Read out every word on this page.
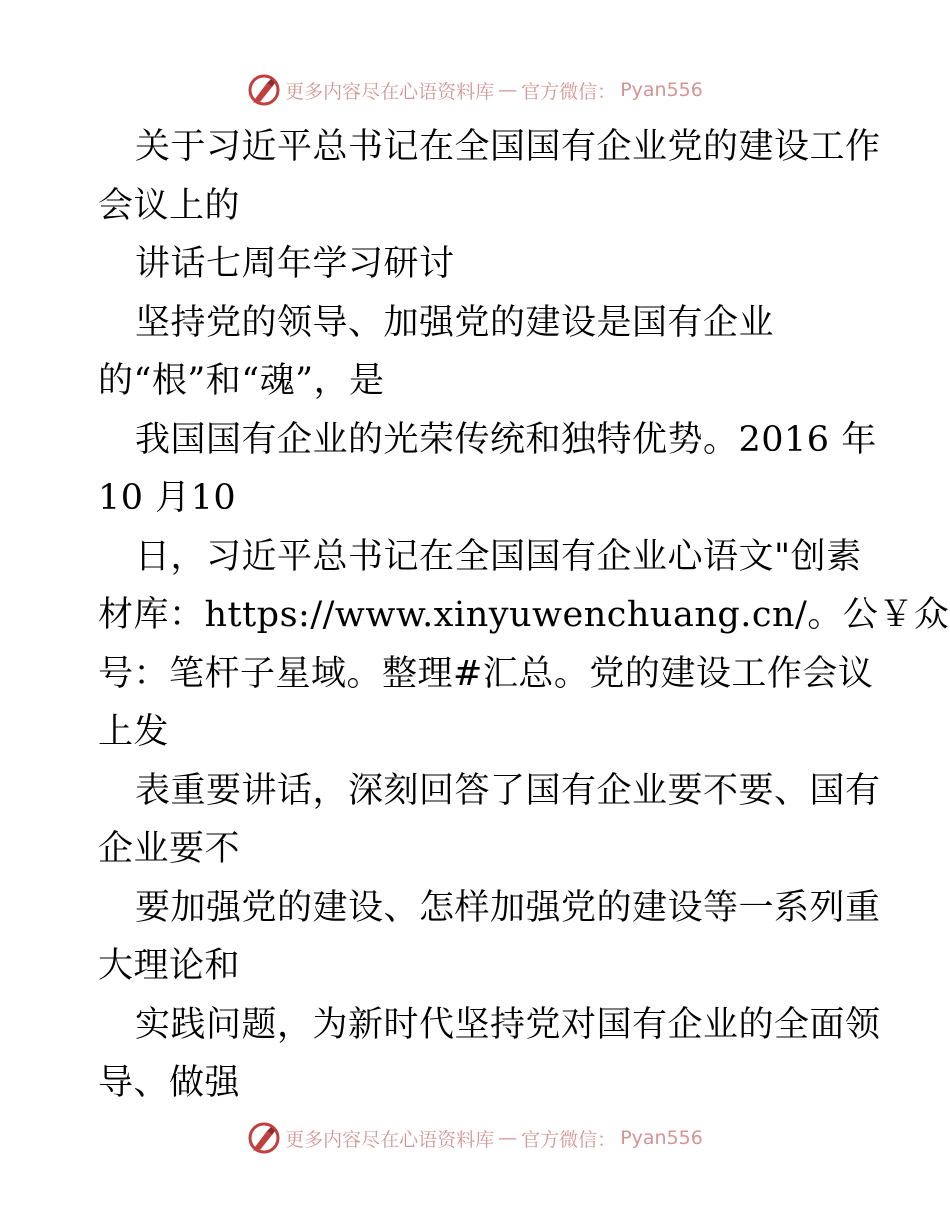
更多内容尽在心语资料库 — 官方微信： Pyan556
关于习近平总书记在全国国有企业党的建设工作
会议上的
讲话七周年学习研讨
坚持党的领导、加强党的建设是国有企业
的“根”和“魂”，是
我国国有企业的光荣传统和独特优势。2016 年
10 月10
日，习近平总书记在全国国有企业心语文"创素
材库：https://www.xinyuwenchuang.cn/。公￥众
号：笔杆子星域。整理#汇总。党的建设工作会议
上发
表重要讲话，深刻回答了国有企业要不要、国有
企业要不
要加强党的建设、怎样加强党的建设等一系列重
大理论和
实践问题，为新时代坚持党对国有企业的全面领
导、做强
更多内容尽在心语资料库 — 官方微信： Pyan556
